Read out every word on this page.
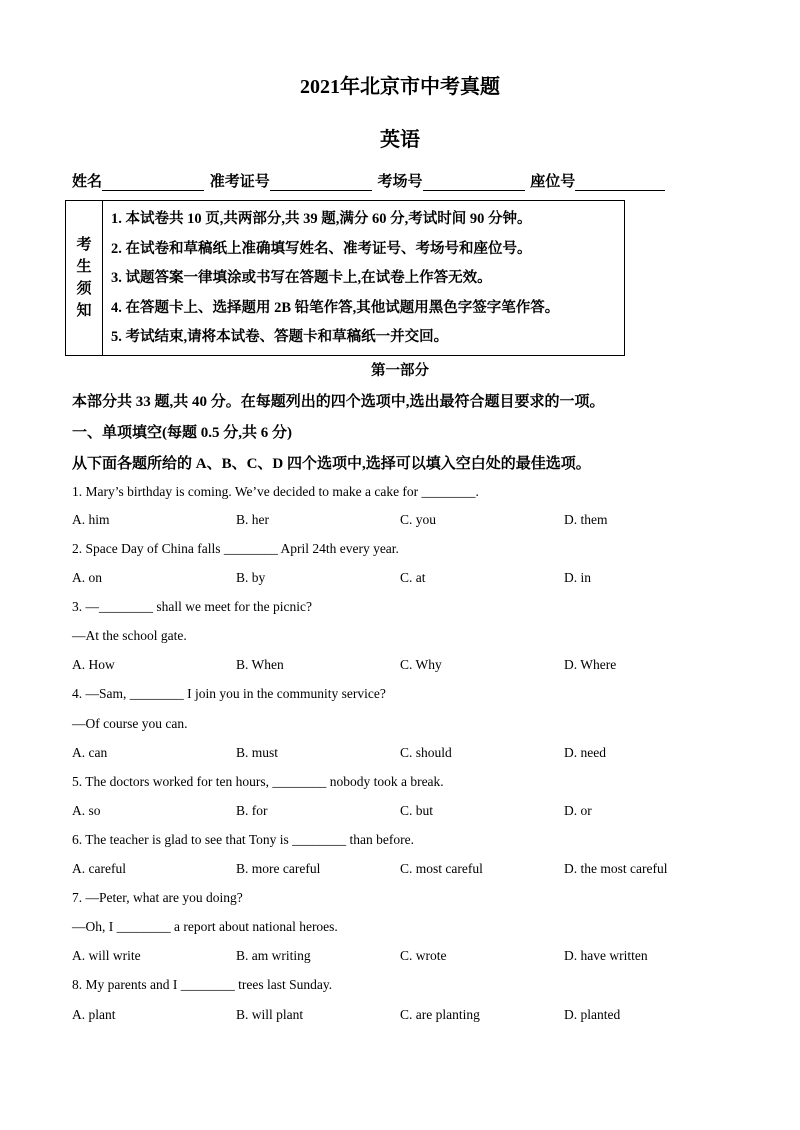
2021年北京市中考真题
英语
姓名	准考证号	考场号	座位号
考
生
须
知
1. 本试卷共 10 页,共两部分,共 39 题,满分 60 分,考试时间 90 分钟。
2. 在试卷和草稿纸上准确填写姓名、准考证号、考场号和座位号。
3. 试题答案一律填涂或书写在答题卡上,在试卷上作答无效。
4. 在答题卡上、选择题用 2B 铅笔作答,其他试题用黑色字签字笔作答。
5. 考试结束,请将本试卷、答题卡和草稿纸一并交回。
第一部分
本部分共 33 题,共 40 分。在每题列出的四个选项中,选出最符合题目要求的一项。
一、单项填空(每题 0.5 分,共 6 分)
从下面各题所给的 A、B、C、D 四个选项中,选择可以填入空白处的最佳选项。
1. Mary’s birthday is coming. We’ve decided to make a cake for ________.
A. him	B. her	C. you	D. them
2. Space Day of China falls ________ April 24th every year.
A. on	B. by	C. at	D. in
3. —________ shall we meet for the picnic?
—At the school gate.
A. How	B. When	C. Why	D. Where
4. —Sam, ________ I join you in the community service?
—Of course you can.
A. can	B. must	C. should	D. need
5. The doctors worked for ten hours, ________ nobody took a break.
A. so	B. for	C. but	D. or
6. The teacher is glad to see that Tony is ________ than before.
A. careful	B. more careful	C. most careful	D. the most careful
7. —Peter, what are you doing?
—Oh, I ________ a report about national heroes.
A. will write	B. am writing	C. wrote	D. have written
8. My parents and I ________ trees last Sunday.
A. plant	B. will plant	C. are planting	D. planted
